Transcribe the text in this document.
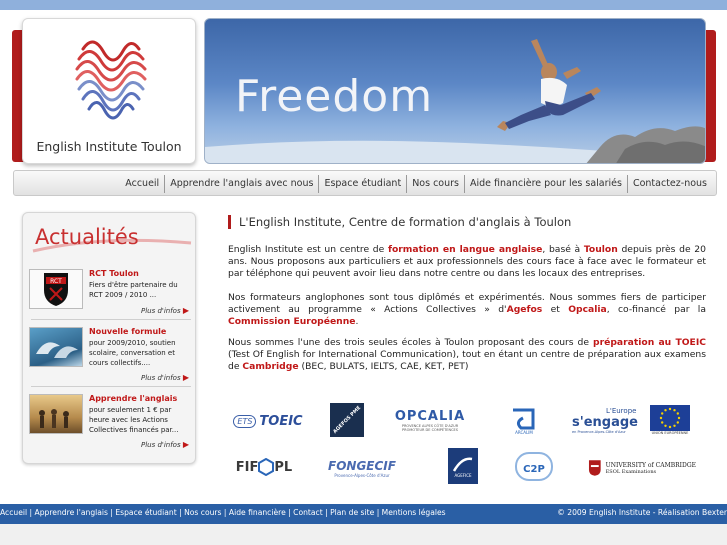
English Institute Toulon
Freedom
Accueil	Apprendre l'anglais avec nous	Espace étudiant	Nos cours	Aide financière pour les salariés	Contactez-nous
Actualités
RCT
RCT Toulon
Fiers d'être partenaire du RCT 2009 / 2010 ...
Plus d'infos ▶
Nouvelle formule
pour 2009/2010, soutien scolaire, conversation et cours collectifs....
Plus d'infos ▶
Apprendre l'anglais
pour seulement 1 € par heure avec les Actions Collectives financés par...
Plus d'infos ▶
L'English Institute, Centre de formation d'anglais à Toulon
English Institute est un centre de formation en langue anglaise, basé à Toulon depuis près de 20 ans. Nous proposons aux particuliers et aux professionnels des cours face à face avec le formateur et par téléphone qui peuvent avoir lieu dans notre centre ou dans les locaux des entreprises.
Nos formateurs anglophones sont tous diplômés et expérimentés. Nous sommes fiers de participer activement au programme « Actions Collectives » d'Agefos et Opcalia, co-financé par la Commission Européenne.
Nous sommes l'une des trois seules écoles à Toulon proposant des cours de préparation au TOEIC (Test Of English for International Communication), tout en étant un centre de préparation aux examens de Cambridge (BEC, BULATS, IELTS, CAE, KET, PET)
ETS TOEIC	AGEFOS PME	OPCALIA
PROVENCE ALPES CÔTE D'AZUR
PROMOTEUR DE COMPÉTENCES	ARCALIM
L'Europe
s'engage
en Provence-Alpes-Côte d'Azur	UNION EUROPÉENNE
FIF PL	FONGECIF
Provence-Alpes-Côte d'Azur	AGEFICE
C2P	UNIVERSITY of CAMBRIDGE
ESOL Examinations
Accueil | Apprendre l'anglais | Espace étudiant | Nos cours | Aide financière | Contact | Plan de site | Mentions légales	© 2009 English Institute - Réalisation Bexter
